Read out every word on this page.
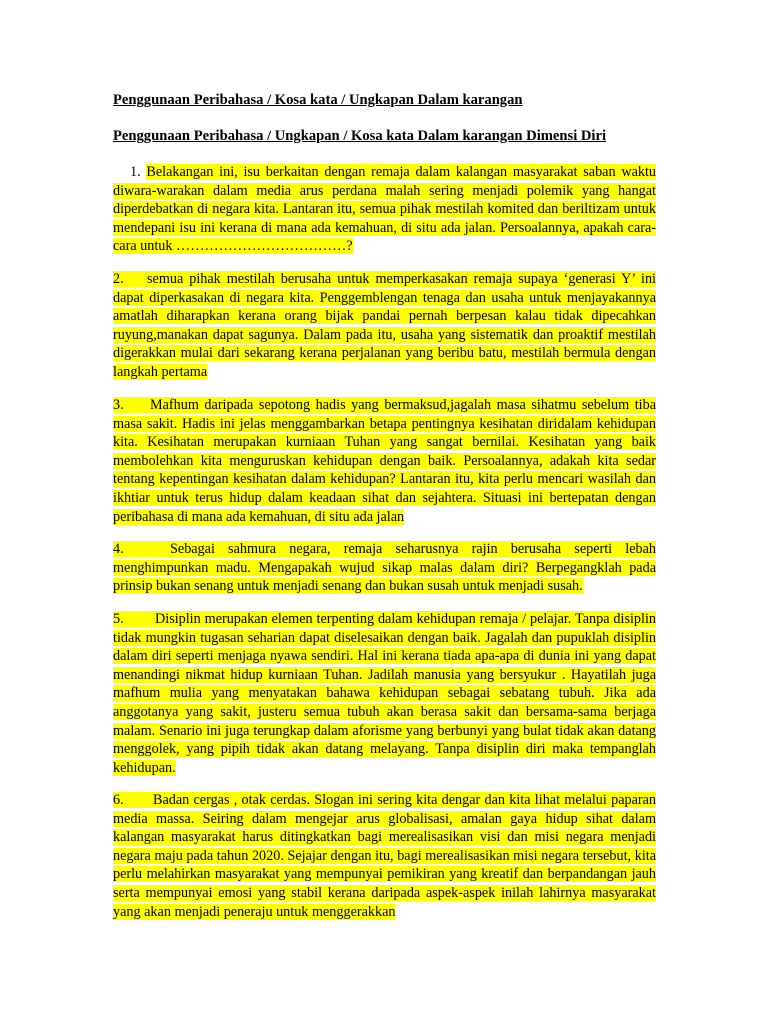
Penggunaan Peribahasa / Kosa kata / Ungkapan Dalam karangan

Penggunaan Peribahasa / Ungkapan / Kosa kata Dalam karangan Dimensi Diri

1. Belakangan ini, isu berkaitan dengan remaja dalam kalangan masyarakat saban waktu diwara-warakan dalam media arus perdana malah sering menjadi polemik yang hangat diperdebatkan di negara kita. Lantaran itu, semua pihak mestilah komited dan beriltizam untuk mendepani isu ini kerana di mana ada kemahuan, di situ ada jalan. Persoalannya, apakah cara-cara untuk ………………………………?

2. semua pihak mestilah berusaha untuk memperkasakan remaja supaya ‘generasi Y’ ini dapat diperkasakan di negara kita. Penggemblengan tenaga dan usaha untuk menjayakannya amatlah diharapkan kerana orang bijak pandai pernah berpesan kalau tidak dipecahkan ruyung,manakan dapat sagunya. Dalam pada itu, usaha yang sistematik dan proaktif mestilah digerakkan mulai dari sekarang kerana perjalanan yang beribu batu, mestilah bermula dengan langkah pertama

3. Mafhum daripada sepotong hadis yang bermaksud,jagalah masa sihatmu sebelum tiba masa sakit. Hadis ini jelas menggambarkan betapa pentingnya kesihatan diridalam kehidupan kita. Kesihatan merupakan kurniaan Tuhan yang sangat bernilai. Kesihatan yang baik membolehkan kita menguruskan kehidupan dengan baik. Persoalannya, adakah kita sedar tentang kepentingan kesihatan dalam kehidupan? Lantaran itu, kita perlu mencari wasilah dan ikhtiar untuk terus hidup dalam keadaan sihat dan sejahtera. Situasi ini bertepatan dengan peribahasa di mana ada kemahuan, di situ ada jalan

4.	Sebagai sahmura negara, remaja seharusnya rajin berusaha seperti lebah menghimpunkan madu. Mengapakah wujud sikap malas dalam diri? Berpegangklah pada prinsip bukan senang untuk menjadi senang dan bukan susah untuk menjadi susah.

5. Disiplin merupakan elemen terpenting dalam kehidupan remaja / pelajar. Tanpa disiplin tidak mungkin tugasan seharian dapat diselesaikan dengan baik. Jagalah dan pupuklah disiplin dalam diri seperti menjaga nyawa sendiri. Hal ini kerana tiada apa-apa di dunia ini yang dapat menandingi nikmat hidup kurniaan Tuhan. Jadilah manusia yang bersyukur . Hayatilah juga mafhum mulia yang menyatakan bahawa kehidupan sebagai sebatang tubuh. Jika ada anggotanya yang sakit, justeru semua tubuh akan berasa sakit dan bersama-sama berjaga malam. Senario ini juga terungkap dalam aforisme yang berbunyi yang bulat tidak akan datang menggolek, yang pipih tidak akan datang melayang. Tanpa disiplin diri maka tempanglah kehidupan.

6. Badan cergas , otak cerdas. Slogan ini sering kita dengar dan kita lihat melalui paparan media massa. Seiring dalam mengejar arus globalisasi, amalan gaya hidup sihat dalam kalangan masyarakat harus ditingkatkan bagi merealisasikan visi dan misi negara menjadi negara maju pada tahun 2020. Sejajar dengan itu, bagi merealisasikan misi negara tersebut, kita perlu melahirkan masyarakat yang mempunyai pemikiran yang kreatif dan berpandangan jauh serta mempunyai emosi yang stabil kerana daripada aspek-aspek inilah lahirnya masyarakat yang akan menjadi peneraju untuk menggerakkan
